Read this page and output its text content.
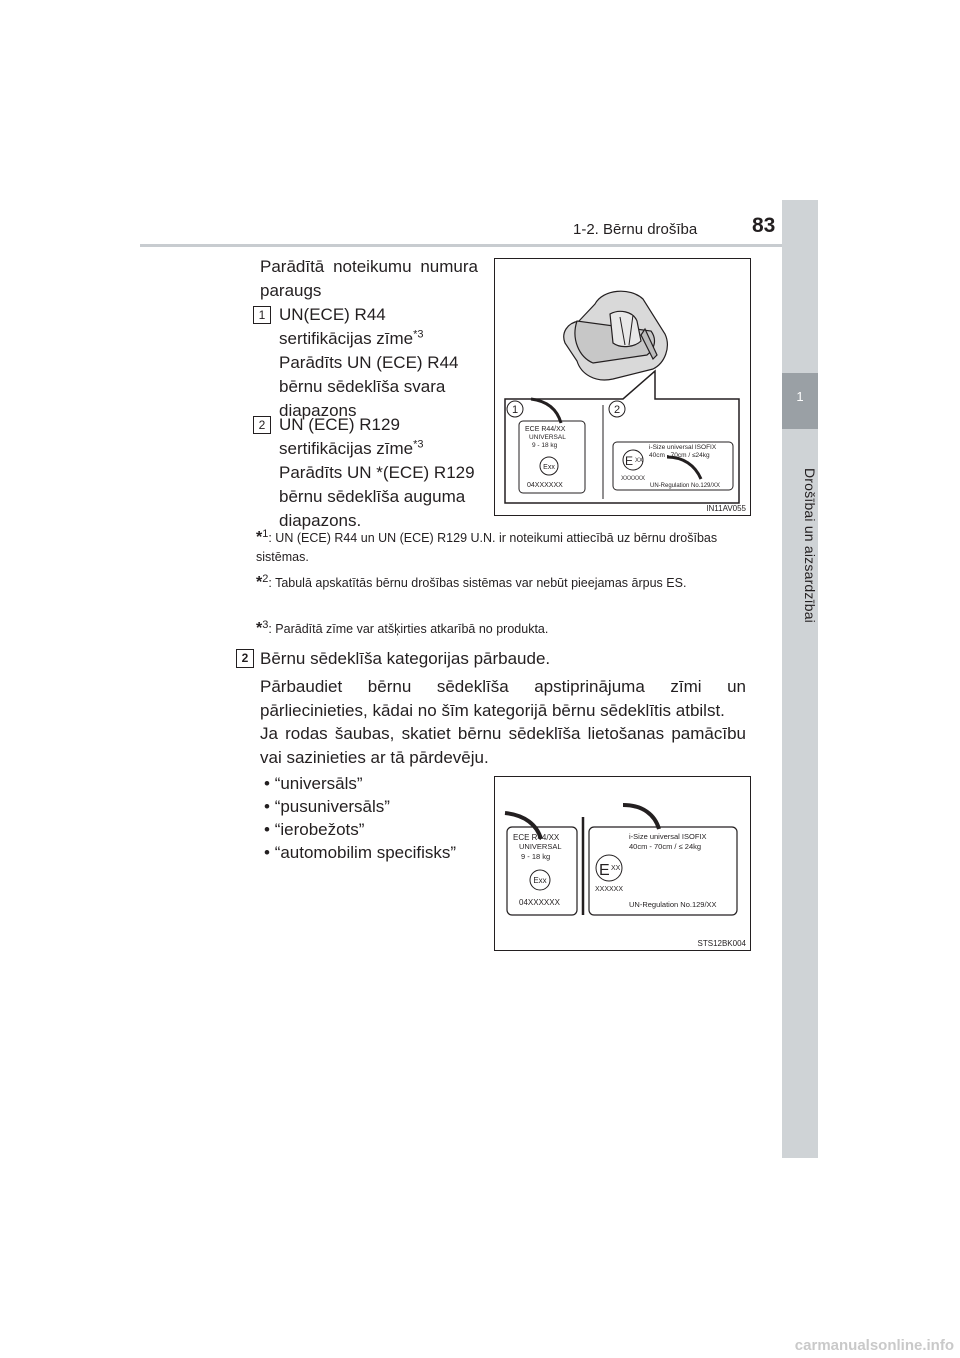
1-2. Bērnu drošība	83
1
Drošībai un aizsardzībai
Parādītā noteikumu numura paraugs
1 UN(ECE) R44 sertifikācijas zīme$^{*3}$
Parādīts UN (ECE) R44 bērnu sēdeklīša svara diapazons
2 UN (ECE) R129 sertifikācijas zīme$^{*3}$
Parādīts UN *(ECE) R129 bērnu sēdeklīša auguma diapazons.
1	2
ECE R44/XX
UNIVERSAL
9 - 18 kg
Exx
04XXXXXX
i-Size universal ISOFIX
40cm - 70cm / ≤24kg
E XX
XXXXXX
UN-Regulation No.129/XX
IN11AV055
*$^1$: UN (ECE) R44 un UN (ECE) R129 U.N. ir noteikumi attiecībā uz bērnu drošības sistēmas.
*$^2$: Tabulā apskatītās bērnu drošības sistēmas var nebūt pieejamas ārpus ES.
*$^3$: Parādītā zīme var atšķirties atkarībā no produkta.
2 Bērnu sēdeklīša kategorijas pārbaude.
Pārbaudiet bērnu sēdeklīša apstiprinājuma zīmi un pārliecinieties, kādai no šīm kategorijā bērnu sēdeklītis atbilst.
Ja rodas šaubas, skatiet bērnu sēdeklīša lietošanas pamācību vai sazinieties ar tā pārdevēju.
• “universāls”
• “pusuniversāls”
• “ierobežots”
• “automobilim specifisks”
ECE R44/XX
UNIVERSAL
9 - 18 kg
Exx
04XXXXXX
i-Size universal ISOFIX
40cm - 70cm / ≤ 24kg
E XX
XXXXXX
UN-Regulation No.129/XX
STS12BK004
carmanualsonline.info
